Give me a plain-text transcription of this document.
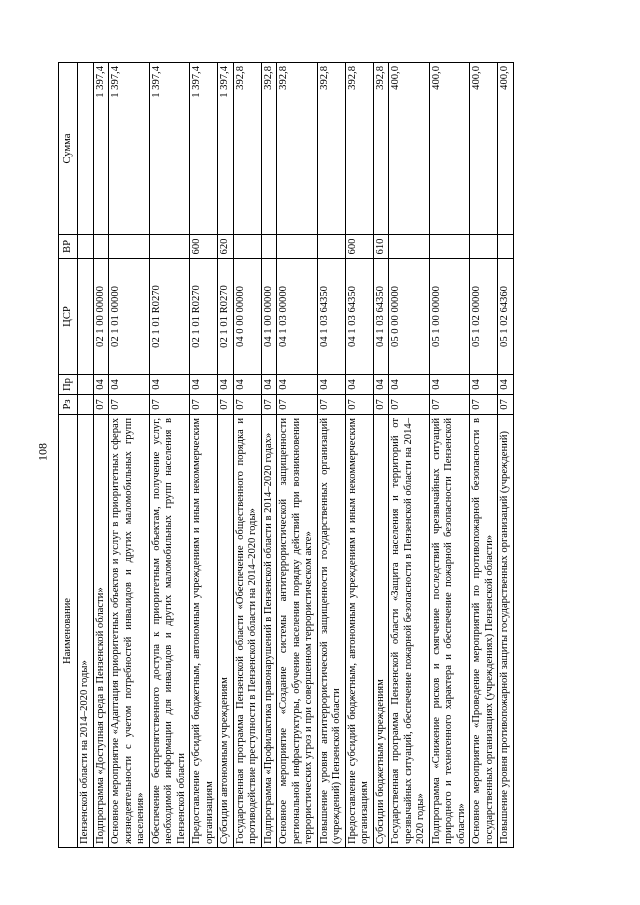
108
Наименование	Рз	Пр	ЦСР	ВР	Сумма
Пензенской области на 2014–2020 годы»					
Подпрограмма «Доступная среда в Пензенской области»	07	04	02 1 00 00000		1 397,4
Основное мероприятие «Адаптация приоритетных объектов и услуг в приоритетных сферах жизнедеятельности с учетом потребностей инвалидов и других маломобильных групп населения»	07	04	02 1 01 00000		1 397,4
Обеспечение беспрепятственного доступа к приоритетным объектам, получение услуг, необходимой информации для инвалидов и других маломобильных групп населения в Пензенской области	07	04	02 1 01 R0270		1 397,4
Предоставление субсидий бюджетным, автономным учреждениям и иным некоммерческим организациям	07	04	02 1 01 R0270	600	1 397,4
Субсидии автономным учреждениям	07	04	02 1 01 R0270	620	1 397,4
Государственная программа Пензенской области «Обеспечение общественного порядка и противодействие преступности в Пензенской области на 2014–2020 годы»	07	04	04 0 00 00000		392,8
Подпрограмма «Профилактика правонарушений в Пензенской области в 2014–2020 годах»	07	04	04 1 00 00000		392,8
Основное мероприятие «Создание системы антитеррористической защищенности региональной инфраструктуры, обучение населения порядку действий при возникновении террористических угроз и при совершенном террористическом акте»	07	04	04 1 03 00000		392,8
Повышение уровня антитеррористической защищенности государственных организаций (учреждений) Пензенской области	07	04	04 1 03 64350		392,8
Предоставление субсидий бюджетным, автономным учреждениям и иным некоммерческим организациям	07	04	04 1 03 64350	600	392,8
Субсидии бюджетным учреждениям	07	04	04 1 03 64350	610	392,8
Государственная программа Пензенской области «Защита населения и территорий от чрезвычайных ситуаций, обеспечение пожарной безопасности в Пензенской области на 2014–2020 годы»	07	04	05 0 00 00000		400,0
Подпрограмма «Снижение рисков и смягчение последствий чрезвычайных ситуаций природного и техногенного характера и обеспечение пожарной безопасности Пензенской области»	07	04	05 1 00 00000		400,0
Основное мероприятие «Проведение мероприятий по противопожарной безопасности в государственных организациях (учреждениях) Пензенской области»	07	04	05 1 02 00000		400,0
Повышение уровня противопожарной защиты государственных организаций (учреждений)	07	04	05 1 02 64360		400,0
